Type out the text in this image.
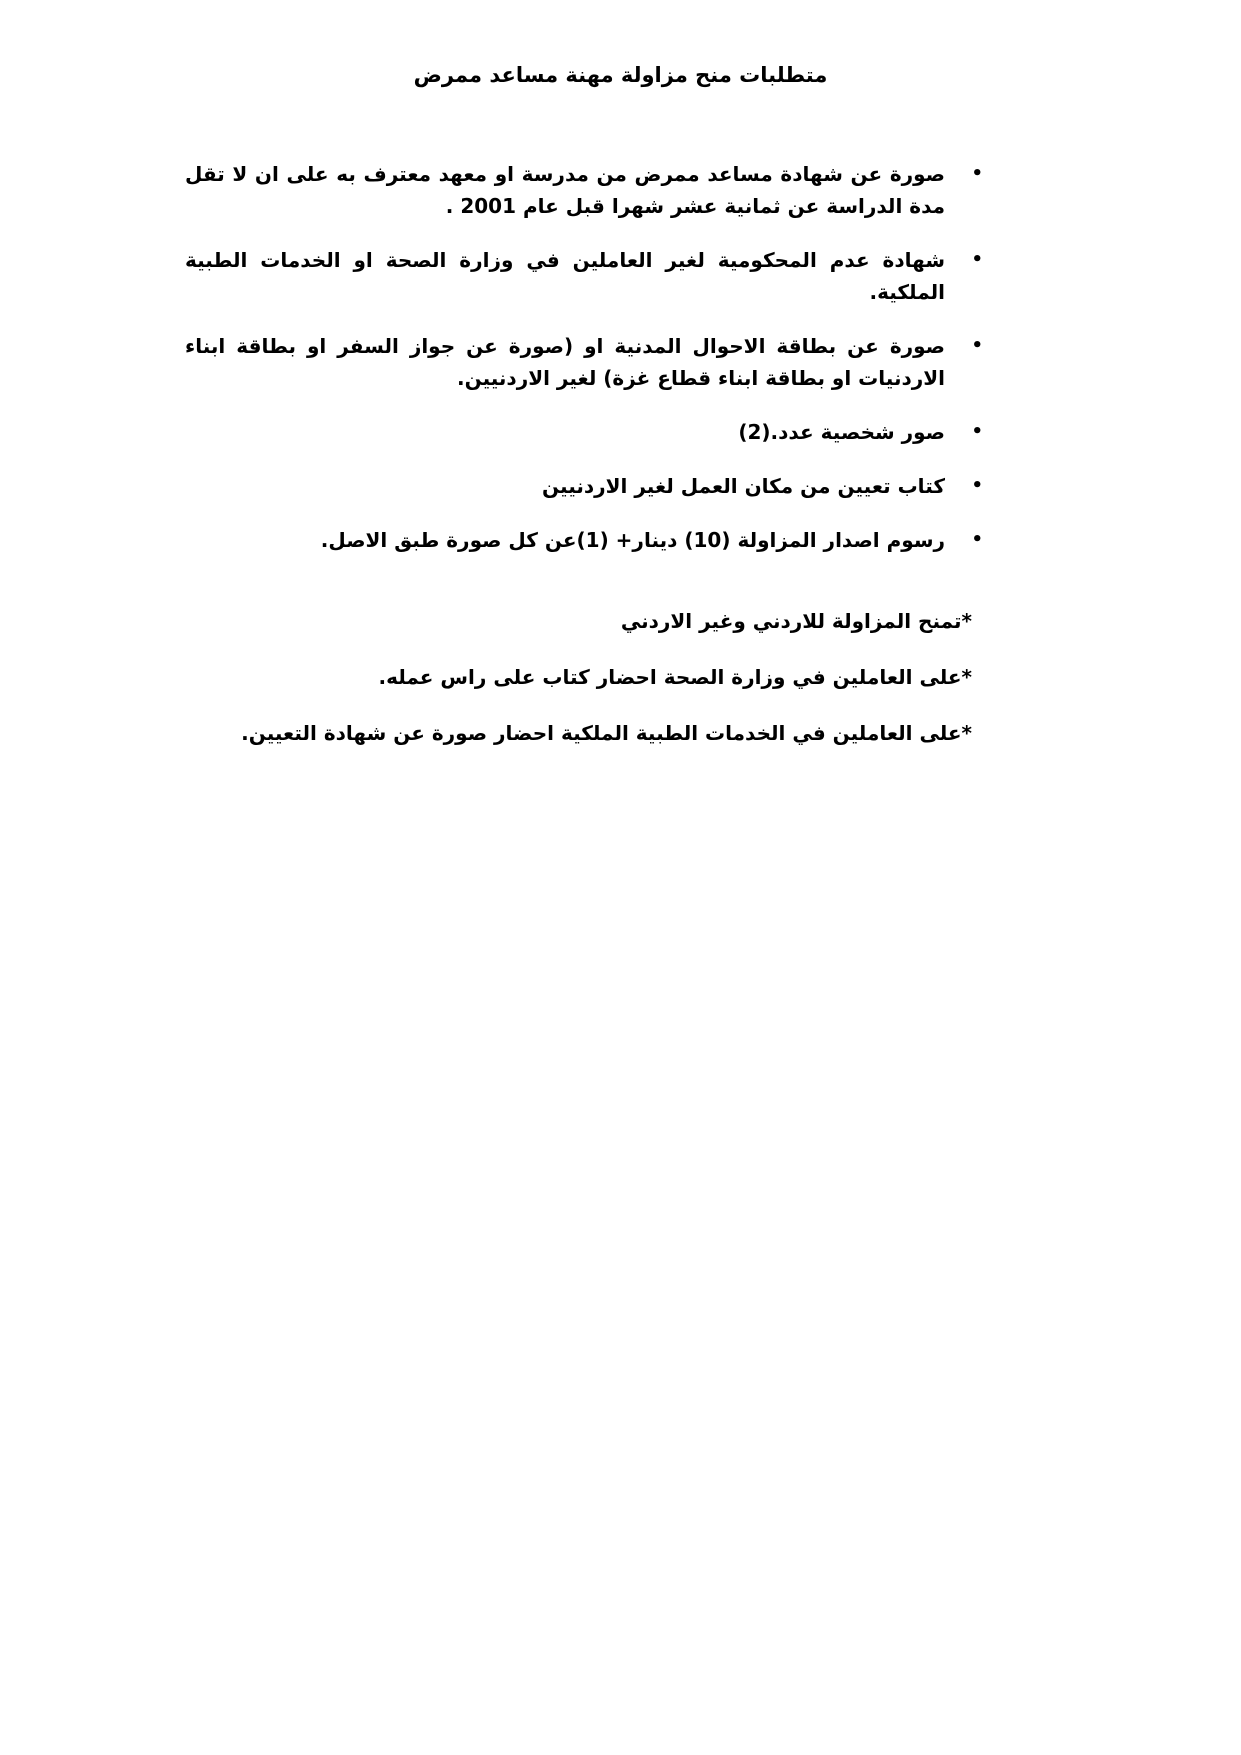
متطلبات منح مزاولة مهنة مساعد ممرض
•
صورة عن شهادة مساعد ممرض من مدرسة او معهد معترف به على ان لا تقل مدة الدراسة عن ثمانية عشر شهرا قبل عام 2001 .
•
شهادة عدم المحكومية لغير العاملين في وزارة الصحة او الخدمات الطبية الملكية.
•
صورة عن بطاقة الاحوال المدنية او (صورة عن جواز السفر او بطاقة ابناء الاردنيات او بطاقة ابناء قطاع غزة) لغير الاردنيين.
•
صور شخصية عدد.(2)
•
كتاب تعيين من مكان العمل لغير الاردنيين
•
رسوم اصدار المزاولة (10) دينار+ (1)عن كل صورة طبق الاصل.
*تمنح المزاولة للاردني وغير الاردني
*على العاملين في وزارة الصحة احضار كتاب على راس عمله.
*على العاملين في الخدمات الطبية الملكية احضار صورة عن شهادة التعيين.
